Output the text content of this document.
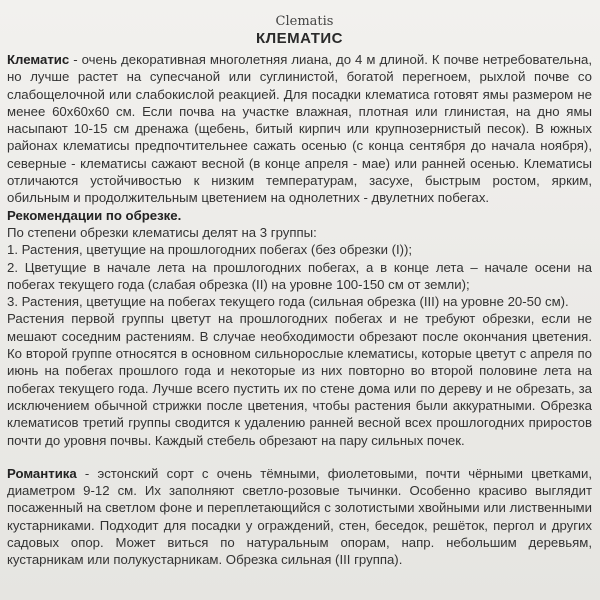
Clematis
КЛЕМАТИС

Клематис - очень декоративная многолетняя лиана, до 4 м длиной. К почве нетребовательна, но лучше растет на супесчаной или суглинистой, богатой перегноем, рыхлой почве со слабощелочной или слабокислой реакцией. Для посадки клематиса готовят ямы размером не менее 60х60х60 см. Если почва на участке влажная, плотная или глинистая, на дно ямы насыпают 10-15 см дренажа (щебень, битый кирпич или крупнозернистый песок). В южных районах клематисы предпочтительнее сажать осенью (с конца сентября до начала ноября), северные - клематисы сажают весной (в конце апреля - мае) или ранней осенью. Клематисы отличаются устойчивостью к низким температурам, засухе, быстрым ростом, ярким, обильным и продолжительным цветением на однолетних - двулетних побегах.

Рекомендации по обрезке.

По степени обрезки клематисы делят на 3 группы:

1. Растения, цветущие на прошлогодних побегах (без обрезки (I));

2. Цветущие в начале лета на прошлогодних побегах, а в конце лета – начале осени на побегах текущего года (слабая обрезка (II) на уровне 100-150 см от земли);

3. Растения, цветущие на побегах текущего года (сильная обрезка (III) на уровне 20-50 см).

Растения первой группы цветут на прошлогодних побегах и не требуют обрезки, если не мешают соседним растениям. В случае необходимости обрезают после окончания цветения. Ко второй группе относятся в основном сильнорослые клематисы, которые цветут с апреля по июнь на побегах прошлого года и некоторые из них повторно во второй половине лета на побегах текущего года. Лучше всего пустить их по стене дома или по дереву и не обрезать, за исключением обычной стрижки после цветения, чтобы растения были аккуратными. Обрезка клематисов третий группы сводится к удалению ранней весной всех прошлогодних приростов почти до уровня почвы. Каждый стебель обрезают на пару сильных почек.

Романтика - эстонский сорт с очень тёмными, фиолетовыми, почти чёрными цветками, диаметром 9-12 см. Их заполняют светло-розовые тычинки. Особенно красиво выглядит посаженный на светлом фоне и переплетающийся с золотистыми хвойными или лиственными кустарниками. Подходит для посадки у ограждений, стен, беседок, решёток, пергол и других садовых опор. Может виться по натуральным опорам, напр. небольшим деревьям, кустарникам или полукустарникам. Обрезка сильная (III группа).
